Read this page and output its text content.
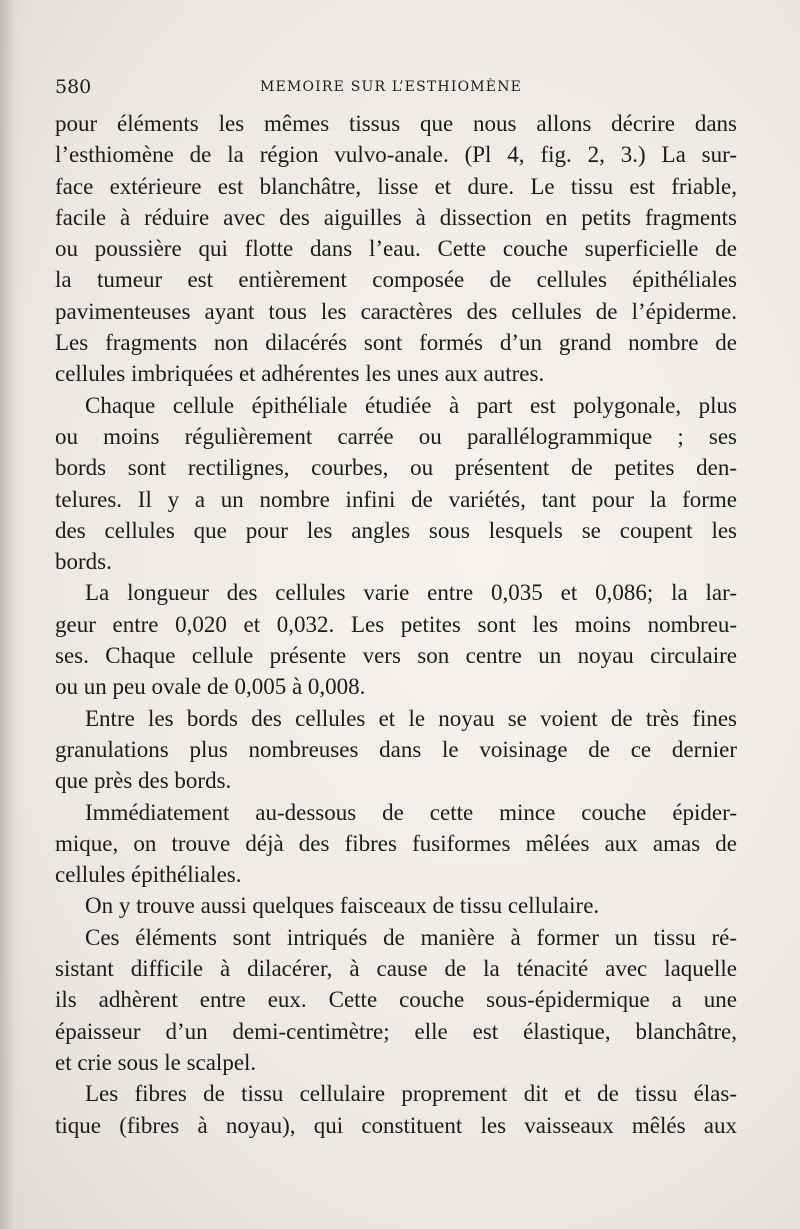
580	MEMOIRE SUR L’ESTHIOMÈNE

pour éléments les mêmes tissus que nous allons décrire dans
l’esthiomène de la région vulvo-anale. (Pl 4, fig. 2, 3.) La sur-
face extérieure est blanchâtre, lisse et dure. Le tissu est friable,
facile à réduire avec des aiguilles à dissection en petits fragments
ou poussière qui flotte dans l’eau. Cette couche superficielle de
la tumeur est entièrement composée de cellules épithéliales
pavimenteuses ayant tous les caractères des cellules de l’épiderme.
Les fragments non dilacérés sont formés d’un grand nombre de
cellules imbriquées et adhérentes les unes aux autres.

Chaque cellule épithéliale étudiée à part est polygonale, plus
ou moins régulièrement carrée ou parallélogrammique ; ses
bords sont rectilignes, courbes, ou présentent de petites den-
telures. Il y a un nombre infini de variétés, tant pour la forme
des cellules que pour les angles sous lesquels se coupent les
bords.

La longueur des cellules varie entre 0,035 et 0,086; la lar-
geur entre 0,020 et 0,032. Les petites sont les moins nombreu-
ses. Chaque cellule présente vers son centre un noyau circulaire
ou un peu ovale de 0,005 à 0,008.

Entre les bords des cellules et le noyau se voient de très fines
granulations plus nombreuses dans le voisinage de ce dernier
que près des bords.

Immédiatement au-dessous de cette mince couche épider-
mique, on trouve déjà des fibres fusiformes mêlées aux amas de
cellules épithéliales.

On y trouve aussi quelques faisceaux de tissu cellulaire.

Ces éléments sont intriqués de manière à former un tissu ré-
sistant difficile à dilacérer, à cause de la ténacité avec laquelle
ils adhèrent entre eux. Cette couche sous-épidermique a une
épaisseur d’un demi-centimètre; elle est élastique, blanchâtre,
et crie sous le scalpel.

Les fibres de tissu cellulaire proprement dit et de tissu élas-
tique (fibres à noyau), qui constituent les vaisseaux mêlés aux
